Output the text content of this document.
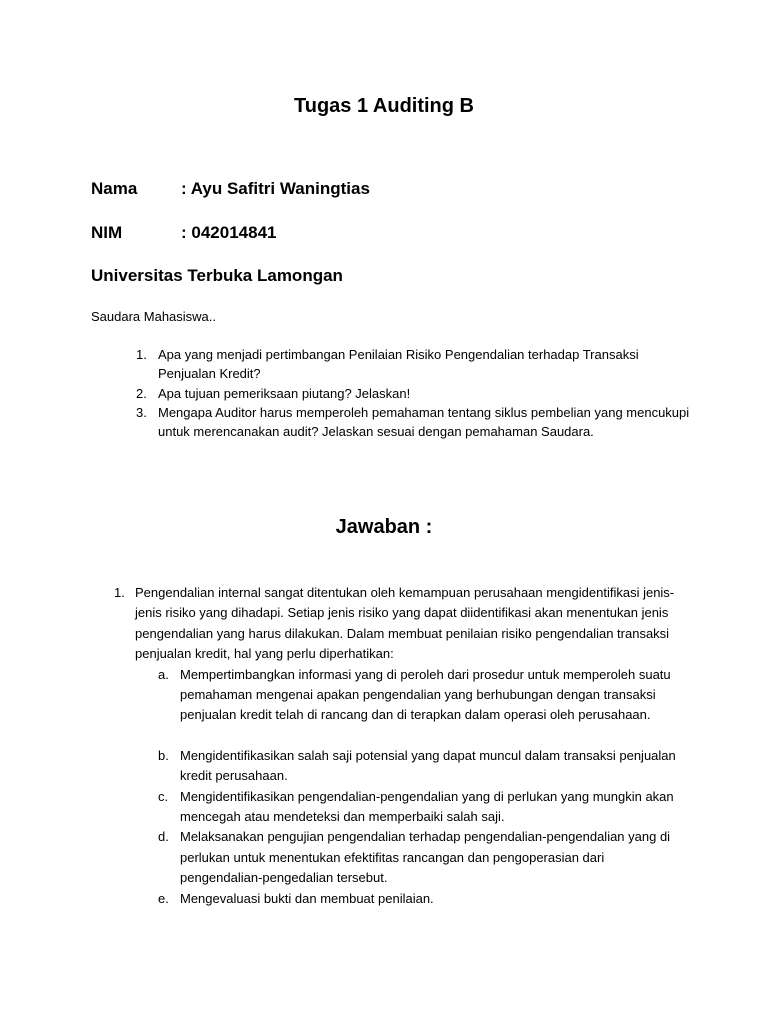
Tugas 1 Auditing B
Nama	: Ayu Safitri Waningtias
NIM	: 042014841
Universitas Terbuka Lamongan
Saudara Mahasiswa..
1. Apa yang menjadi pertimbangan Penilaian Risiko Pengendalian terhadap Transaksi Penjualan Kredit?
2. Apa tujuan pemeriksaan piutang? Jelaskan!
3. Mengapa Auditor harus memperoleh pemahaman tentang siklus pembelian yang mencukupi untuk merencanakan audit? Jelaskan sesuai dengan pemahaman Saudara.
Jawaban :
1. Pengendalian internal sangat ditentukan oleh kemampuan perusahaan mengidentifikasi jenis-jenis risiko yang dihadapi. Setiap jenis risiko yang dapat diidentifikasi akan menentukan jenis pengendalian yang harus dilakukan. Dalam membuat penilaian risiko pengendalian transaksi penjualan kredit, hal yang perlu diperhatikan:
a. Mempertimbangkan informasi yang di peroleh dari prosedur untuk memperoleh suatu pemahaman mengenai apakan pengendalian yang berhubungan dengan transaksi penjualan kredit telah di rancang dan di terapkan dalam operasi oleh perusahaan.
b. Mengidentifikasikan salah saji potensial yang dapat muncul dalam transaksi penjualan kredit perusahaan.
c. Mengidentifikasikan pengendalian-pengendalian yang di perlukan yang mungkin akan mencegah atau mendeteksi dan memperbaiki salah saji.
d. Melaksanakan pengujian pengendalian terhadap pengendalian-pengendalian yang di perlukan untuk menentukan efektifitas rancangan dan pengoperasian dari pengendalian-pengedalian tersebut.
e. Mengevaluasi bukti dan membuat penilaian.
